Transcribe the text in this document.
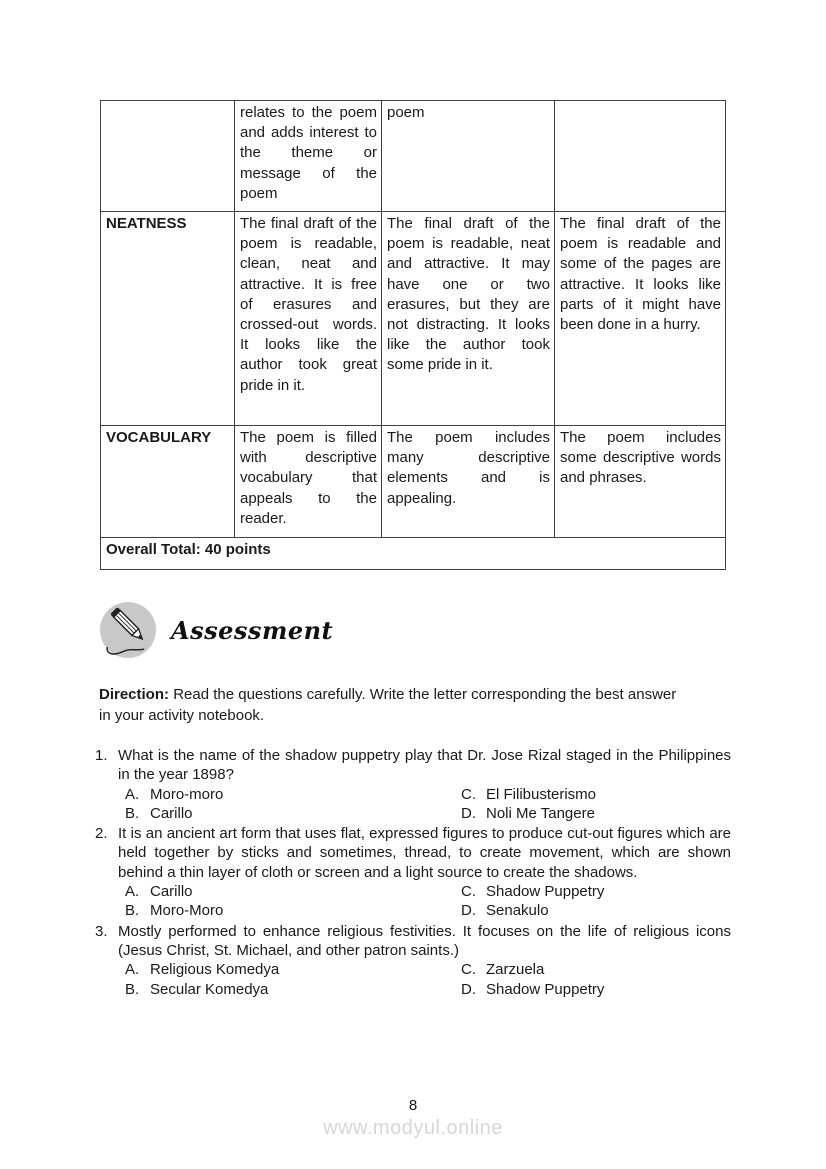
	relates to the poem and adds interest to the theme or message of the poem	poem	
NEATNESS	The final draft of the poem is readable, clean, neat and attractive. It is free of erasures and crossed-out words. It looks like the author took great pride in it.	The final draft of the poem is readable, neat and attractive. It may have one or two erasures, but they are not distracting. It looks like the author took some pride in it.	The final draft of the poem is readable and some of the pages are attractive. It looks like parts of it might have been done in a hurry.
VOCABULARY	The poem is filled with descriptive vocabulary that appeals to the reader.	The poem includes many descriptive elements and is appealing.	The poem includes some descriptive words and phrases.
Overall Total: 40 points			
Assessment

Direction: Read the questions carefully. Write the letter corresponding the best answer in your activity notebook.

1. What is the name of the shadow puppetry play that Dr. Jose Rizal staged in the Philippines in the year 1898?
A. Moro-moro	C. El Filibusterismo
B. Carillo	D. Noli Me Tangere
2. It is an ancient art form that uses flat, expressed figures to produce cut-out figures which are held together by sticks and sometimes, thread, to create movement, which are shown behind a thin layer of cloth or screen and a light source to create the shadows.
A. Carillo	C. Shadow Puppetry
B. Moro-Moro	D. Senakulo
3. Mostly performed to enhance religious festivities. It focuses on the life of religious icons (Jesus Christ, St. Michael, and other patron saints.)
A. Religious Komedya	C. Zarzuela
B. Secular Komedya	D. Shadow Puppetry
8
www.modyul.online
